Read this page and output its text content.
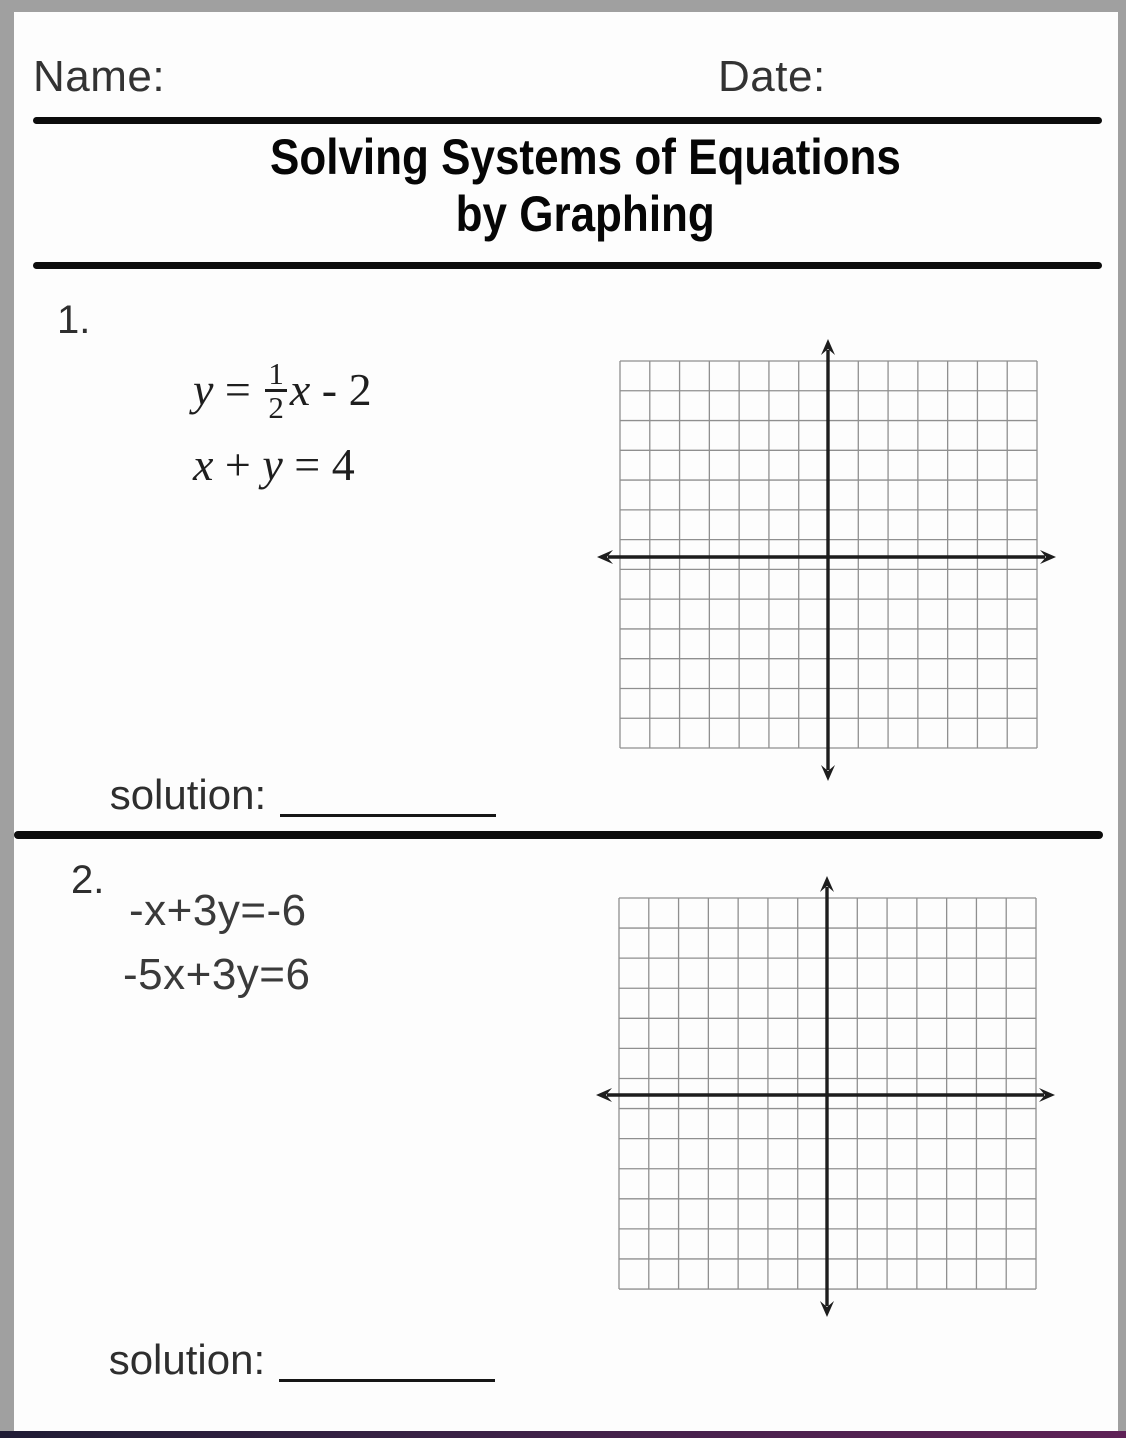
Name:	Date:
Solving Systems of Equations
by Graphing
1.

$y = \frac{1}{2}$ x - 2

x + y = 4

solution:

2.
-x+3y=-6
-5x+3y=6

solution:
